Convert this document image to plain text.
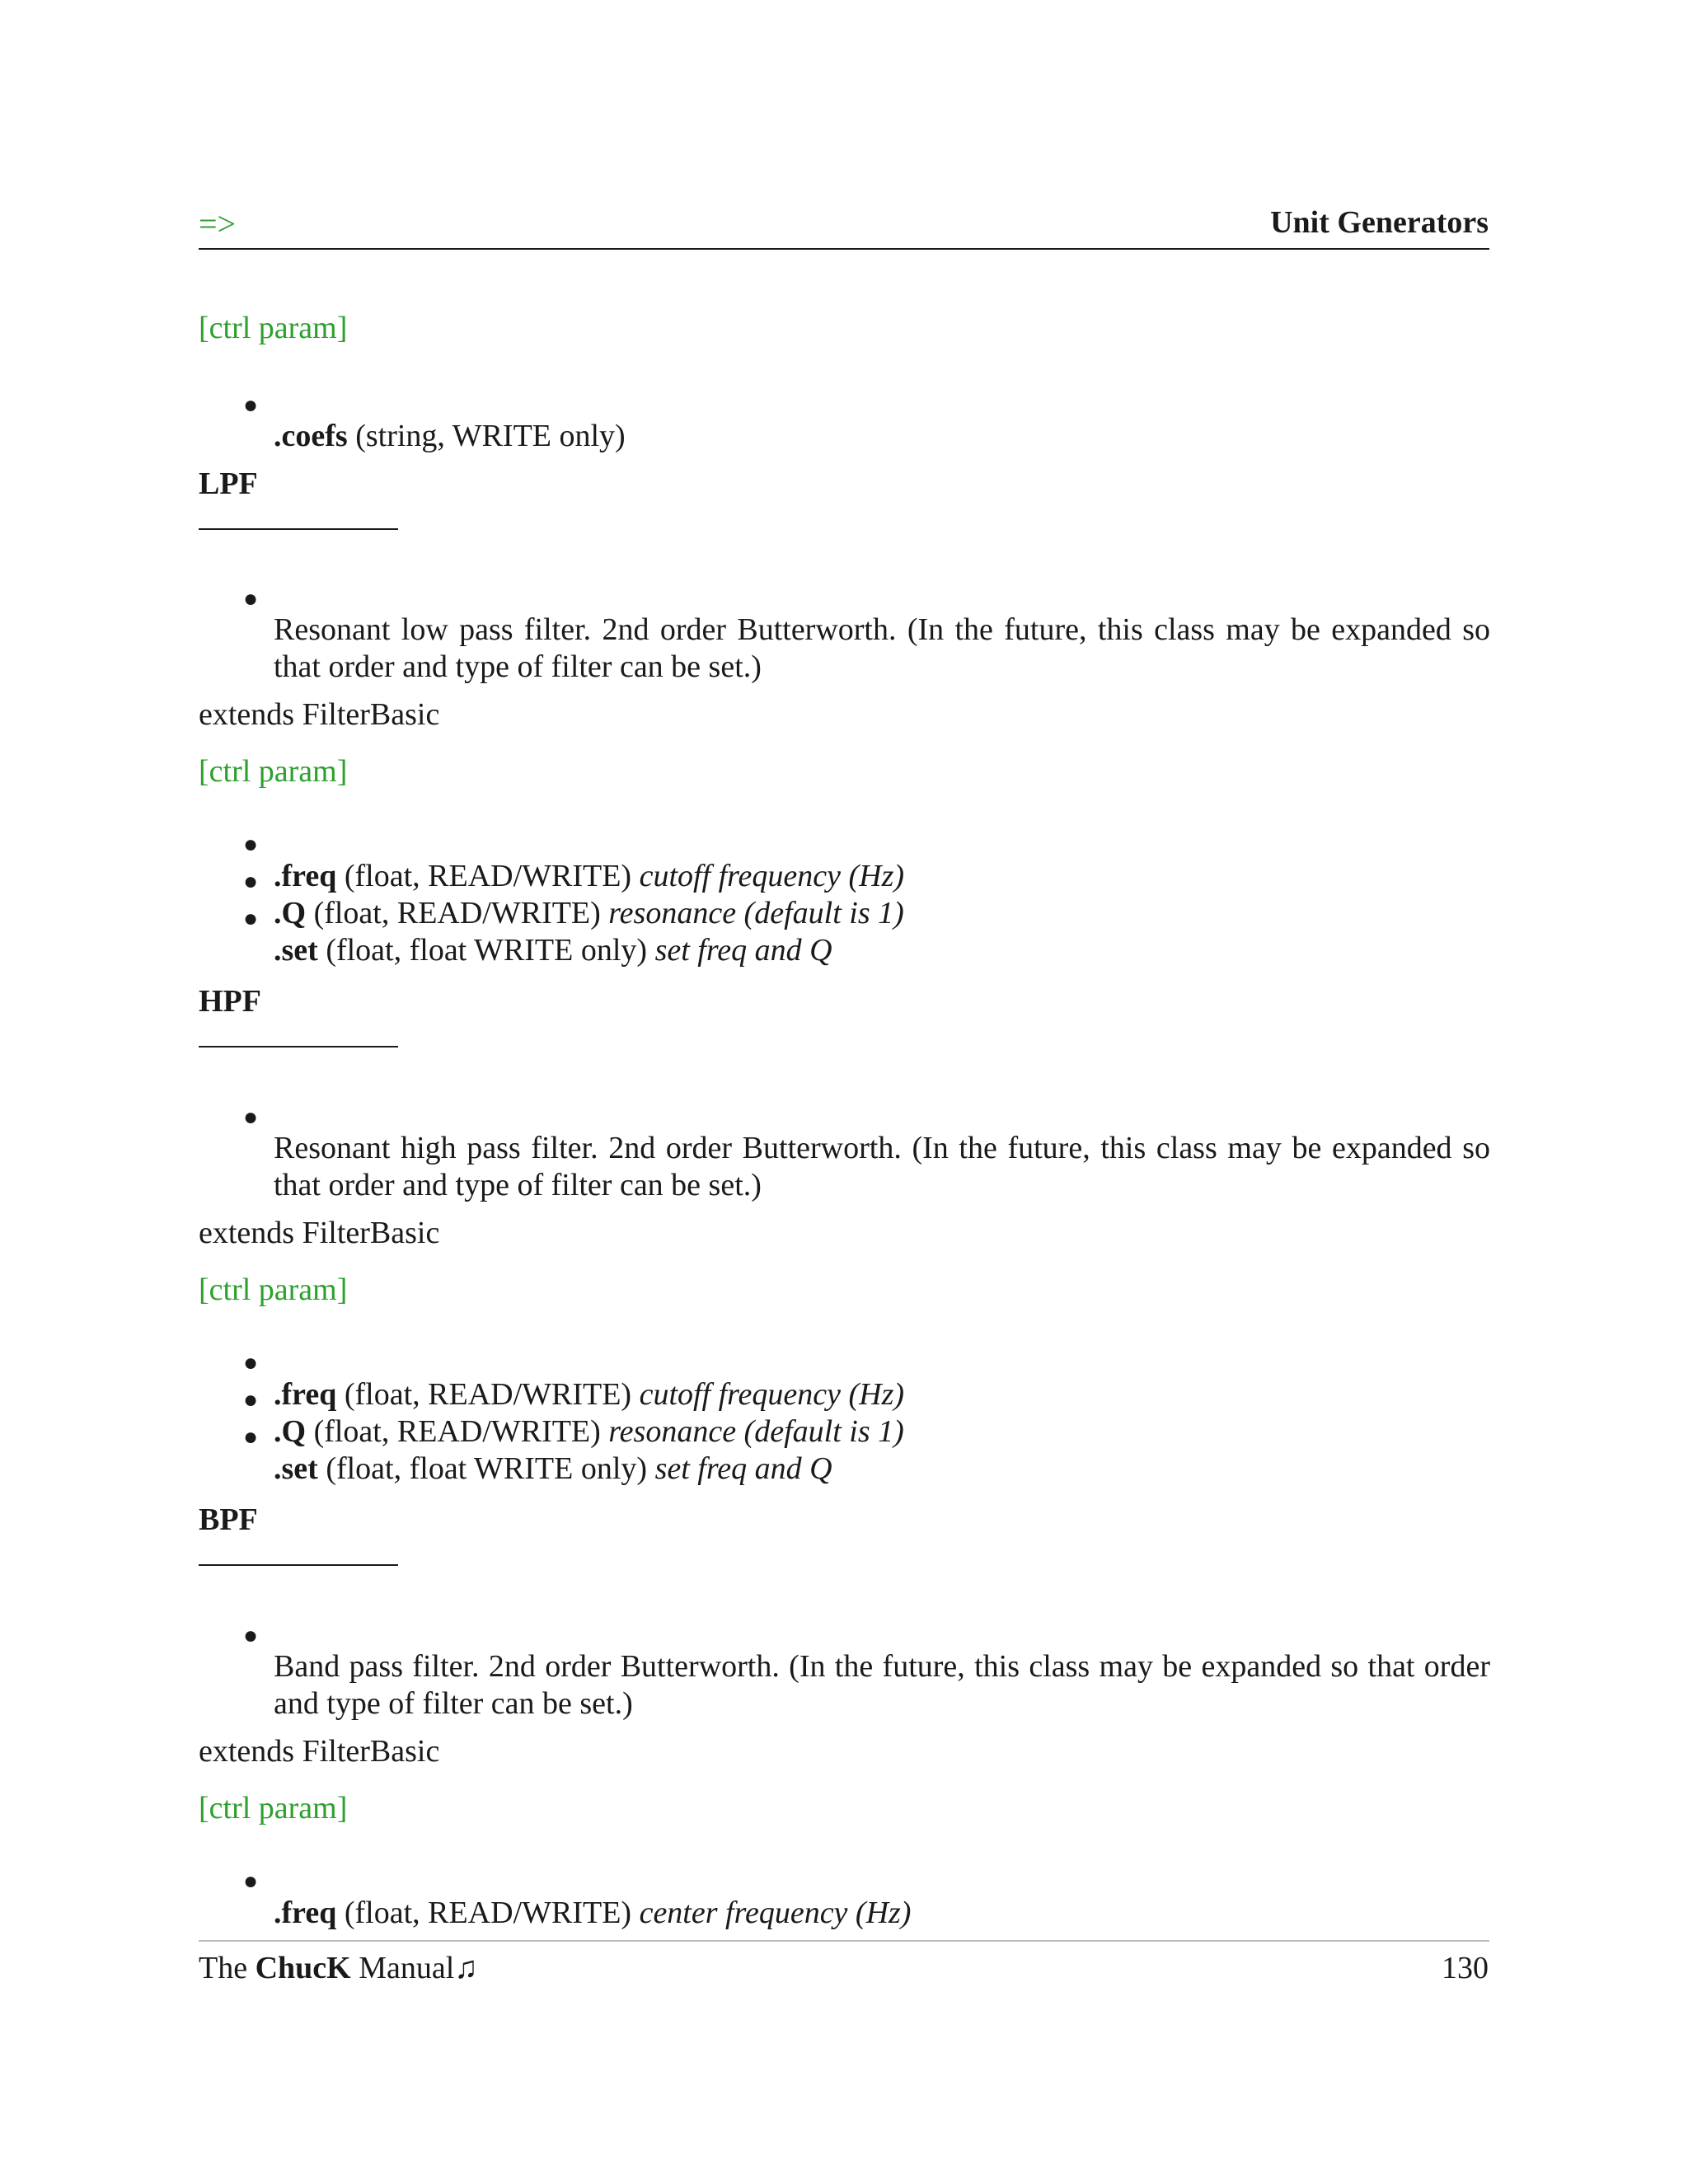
=>	Unit Generators

[ctrl param]

●

.coefs (string, WRITE only)

LPF

●

Resonant low pass filter. 2nd order Butterworth. (In the future, this class may be expanded so that order and type of filter can be set.)

extends FilterBasic

[ctrl param]

●

.freq (float, READ/WRITE) cutoff frequency (Hz)

●

.Q (float, READ/WRITE) resonance (default is 1)

●

.set (float, float WRITE only) set freq and Q

HPF

●

Resonant high pass filter. 2nd order Butterworth. (In the future, this class may be expanded so that order and type of filter can be set.)

extends FilterBasic

[ctrl param]

●

.freq (float, READ/WRITE) cutoff frequency (Hz)

●

.Q (float, READ/WRITE) resonance (default is 1)

●

.set (float, float WRITE only) set freq and Q

BPF

●

Band pass filter. 2nd order Butterworth. (In the future, this class may be expanded so that order and type of filter can be set.)

extends FilterBasic

[ctrl param]

●

.freq (float, READ/WRITE) center frequency (Hz)

The ChucK Manual♫	130
